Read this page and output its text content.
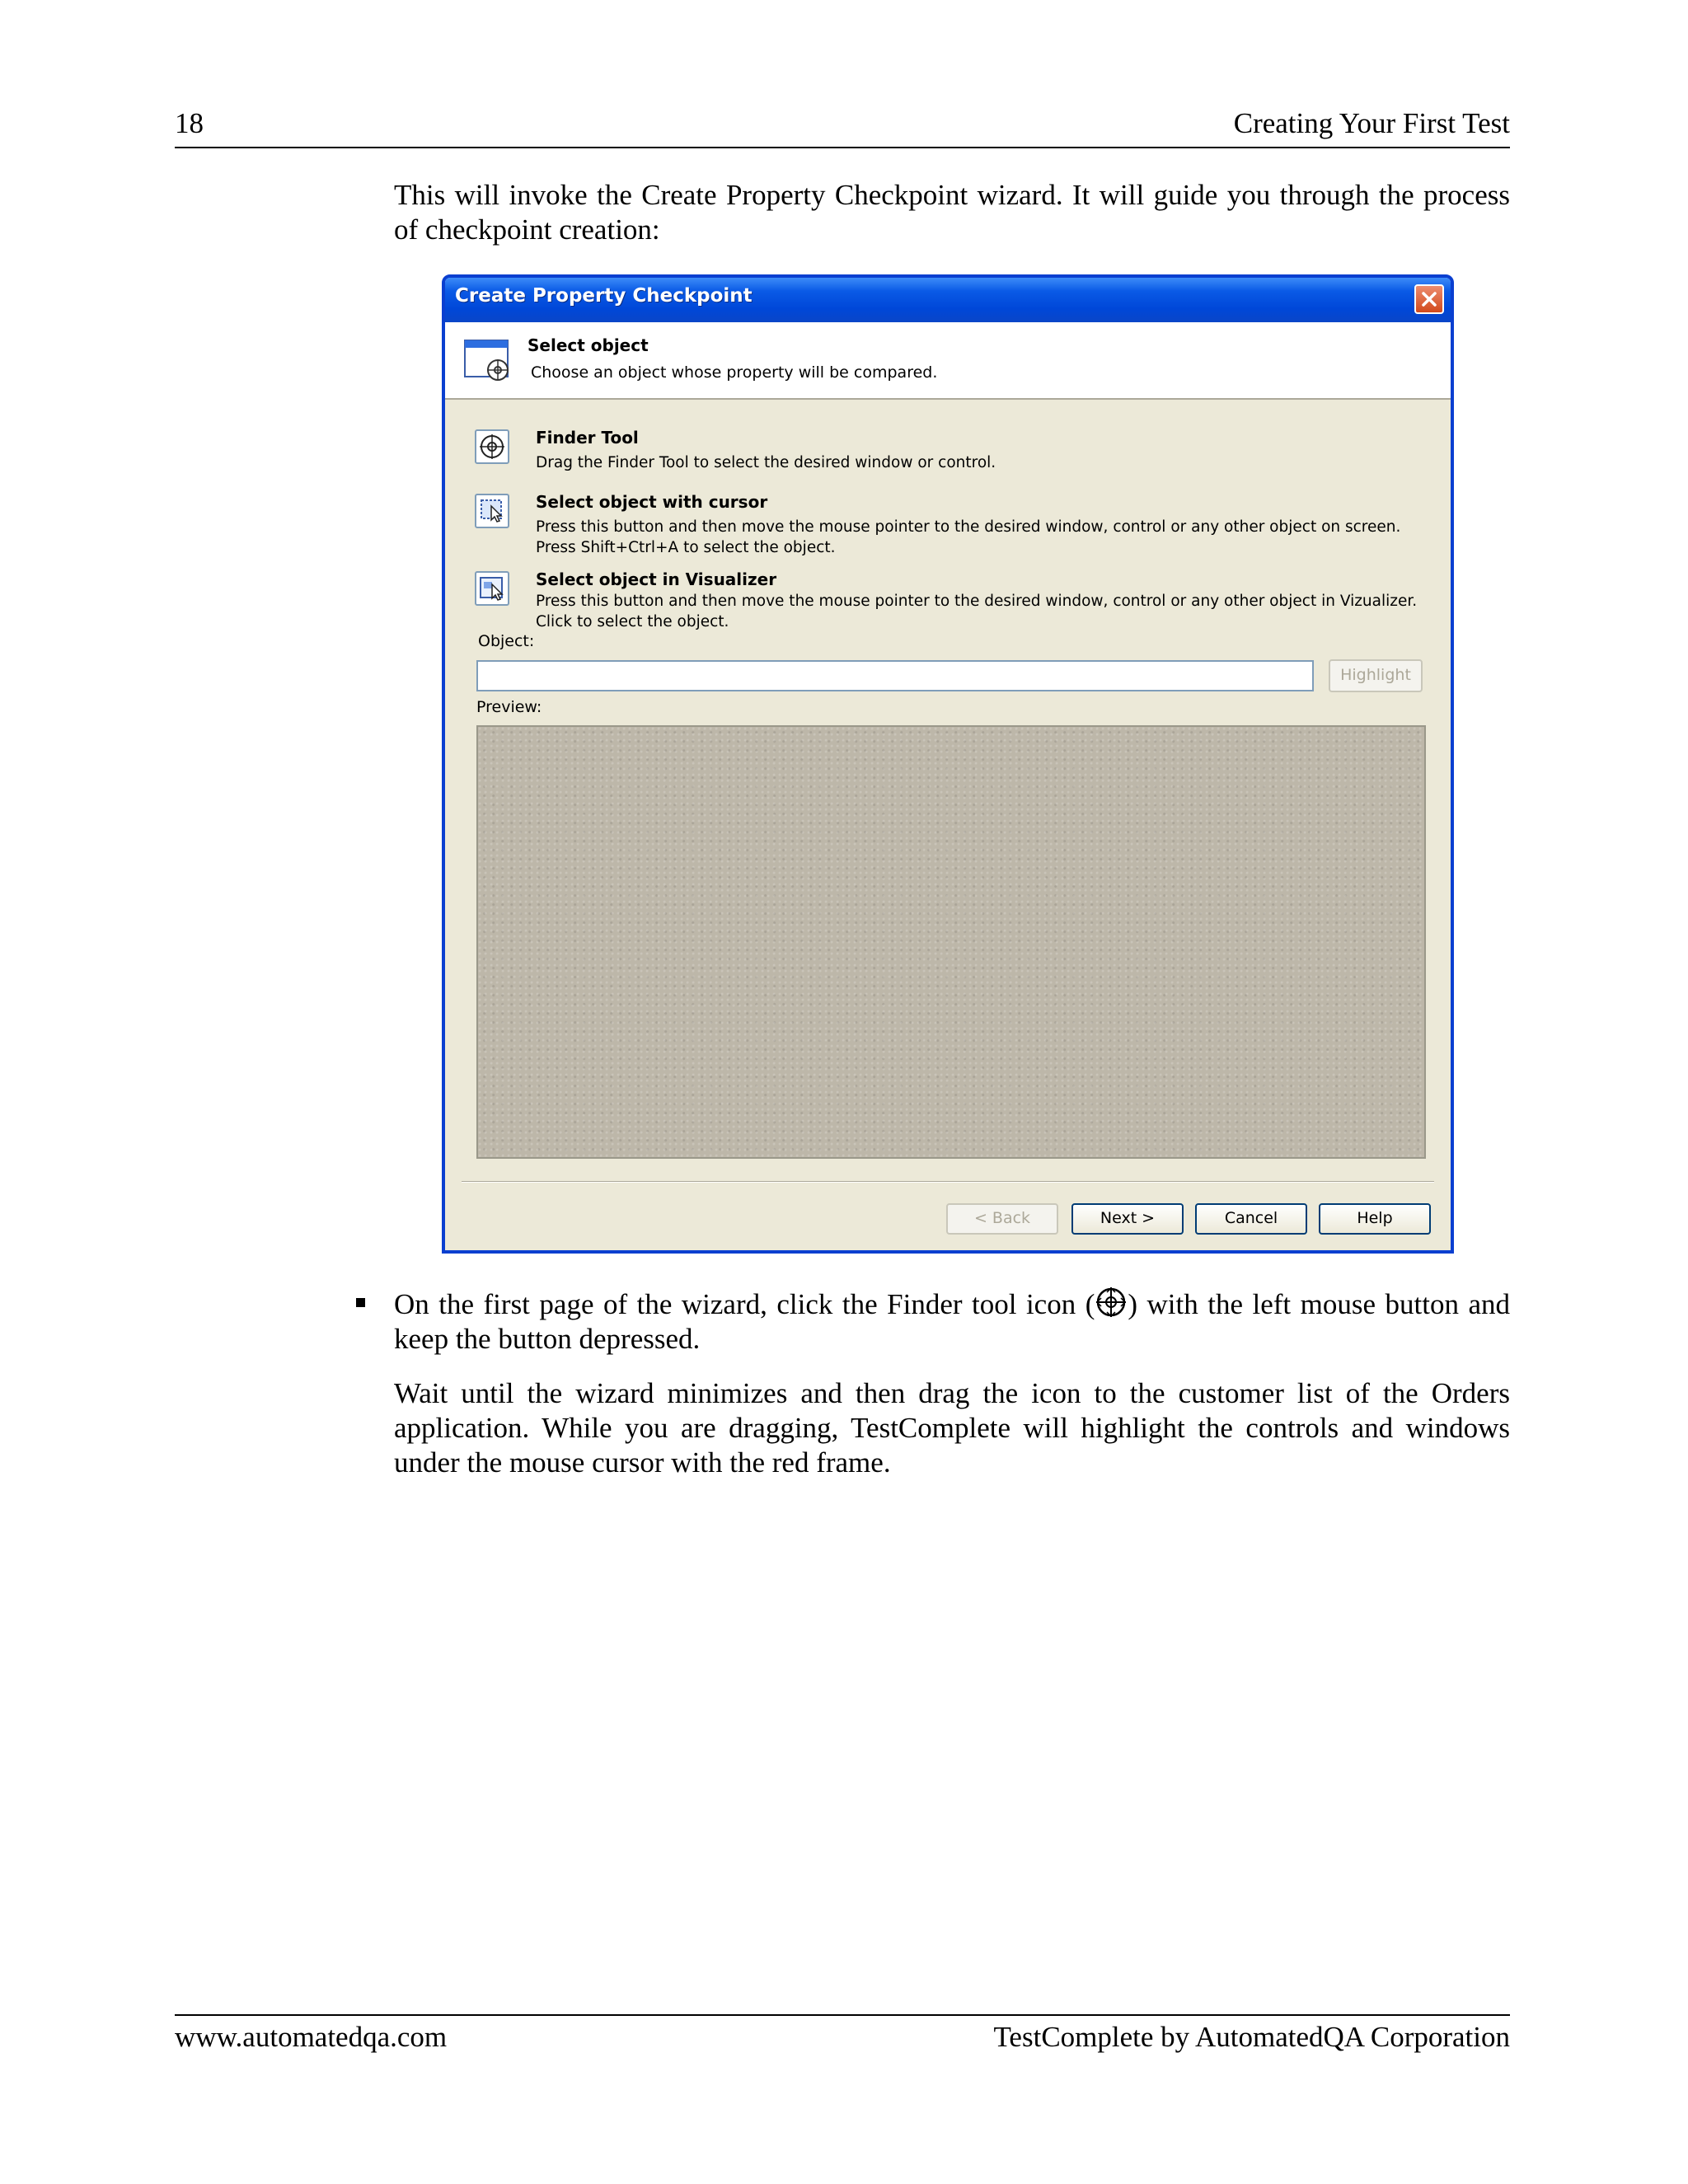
18	Creating Your First Test

This will invoke the Create Property Checkpoint wizard. It will guide you through the process of checkpoint creation:

Create Property Checkpoint
Select object
Choose an object whose property will be compared.
Finder Tool
Drag the Finder Tool to select the desired window or control.
Select object with cursor
Press this button and then move the mouse pointer to the desired window, control or any other object on screen. Press Shift+Ctrl+A to select the object.
Select object in Visualizer
Press this button and then move the mouse pointer to the desired window, control or any other object in Vizualizer. Click to select the object.
Object:
Highlight
Preview:
< Back	Next >	Cancel	Help

On the first page of the wizard, click the Finder tool icon ( ) with the left mouse button and keep the button depressed.

Wait until the wizard minimizes and then drag the icon to the customer list of the Orders application. While you are dragging, TestComplete will highlight the controls and windows under the mouse cursor with the red frame.

www.automatedqa.com	TestComplete by AutomatedQA Corporation
